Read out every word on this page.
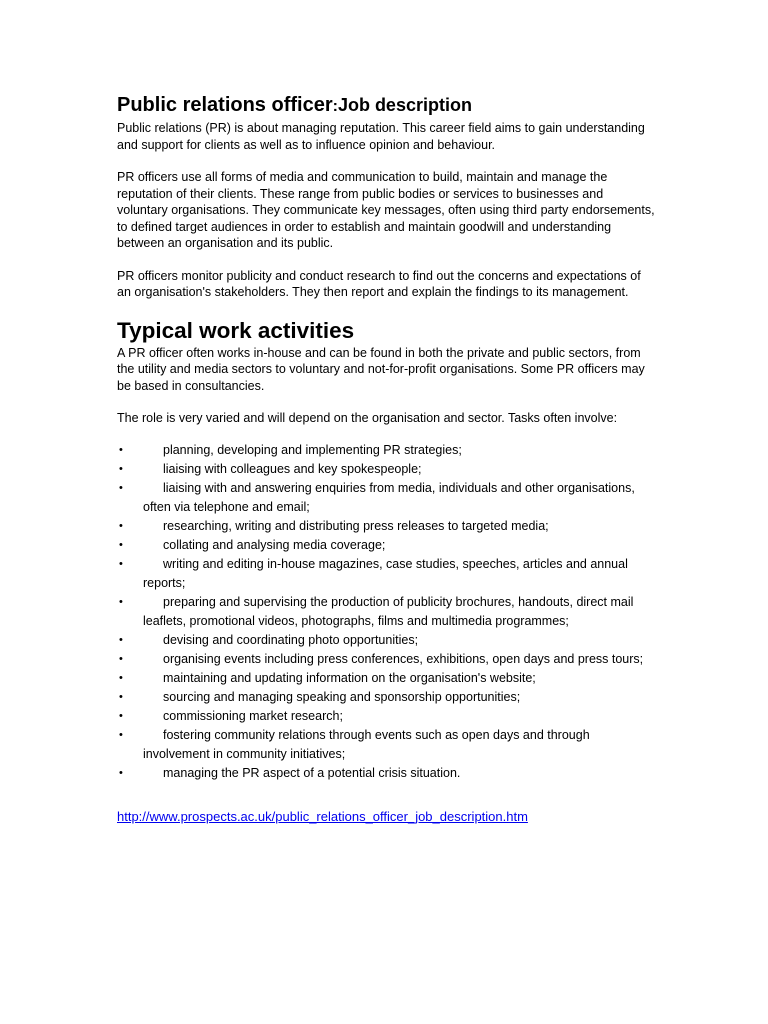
Public relations officer:Job description

Public relations (PR) is about managing reputation. This career field aims to gain understanding and support for clients as well as to influence opinion and behaviour.

PR officers use all forms of media and communication to build, maintain and manage the reputation of their clients. These range from public bodies or services to businesses and voluntary organisations. They communicate key messages, often using third party endorsements, to defined target audiences in order to establish and maintain goodwill and understanding between an organisation and its public.

PR officers monitor publicity and conduct research to find out the concerns and expectations of an organisation's stakeholders. They then report and explain the findings to its management.

Typical work activities

A PR officer often works in-house and can be found in both the private and public sectors, from the utility and media sectors to voluntary and not-for-profit organisations. Some PR officers may be based in consultancies.

The role is very varied and will depend on the organisation and sector. Tasks often involve:

•	planning, developing and implementing PR strategies;
•	liaising with colleagues and key spokespeople;
•	liaising with and answering enquiries from media, individuals and other organisations, often via telephone and email;
•	researching, writing and distributing press releases to targeted media;
•	collating and analysing media coverage;
•	writing and editing in-house magazines, case studies, speeches, articles and annual reports;
•	preparing and supervising the production of publicity brochures, handouts, direct mail leaflets, promotional videos, photographs, films and multimedia programmes;
•	devising and coordinating photo opportunities;
•	organising events including press conferences, exhibitions, open days and press tours;
•	maintaining and updating information on the organisation's website;
•	sourcing and managing speaking and sponsorship opportunities;
•	commissioning market research;
•	fostering community relations through events such as open days and through involvement in community initiatives;
•	managing the PR aspect of a potential crisis situation.
http://www.prospects.ac.uk/public_relations_officer_job_description.htm
